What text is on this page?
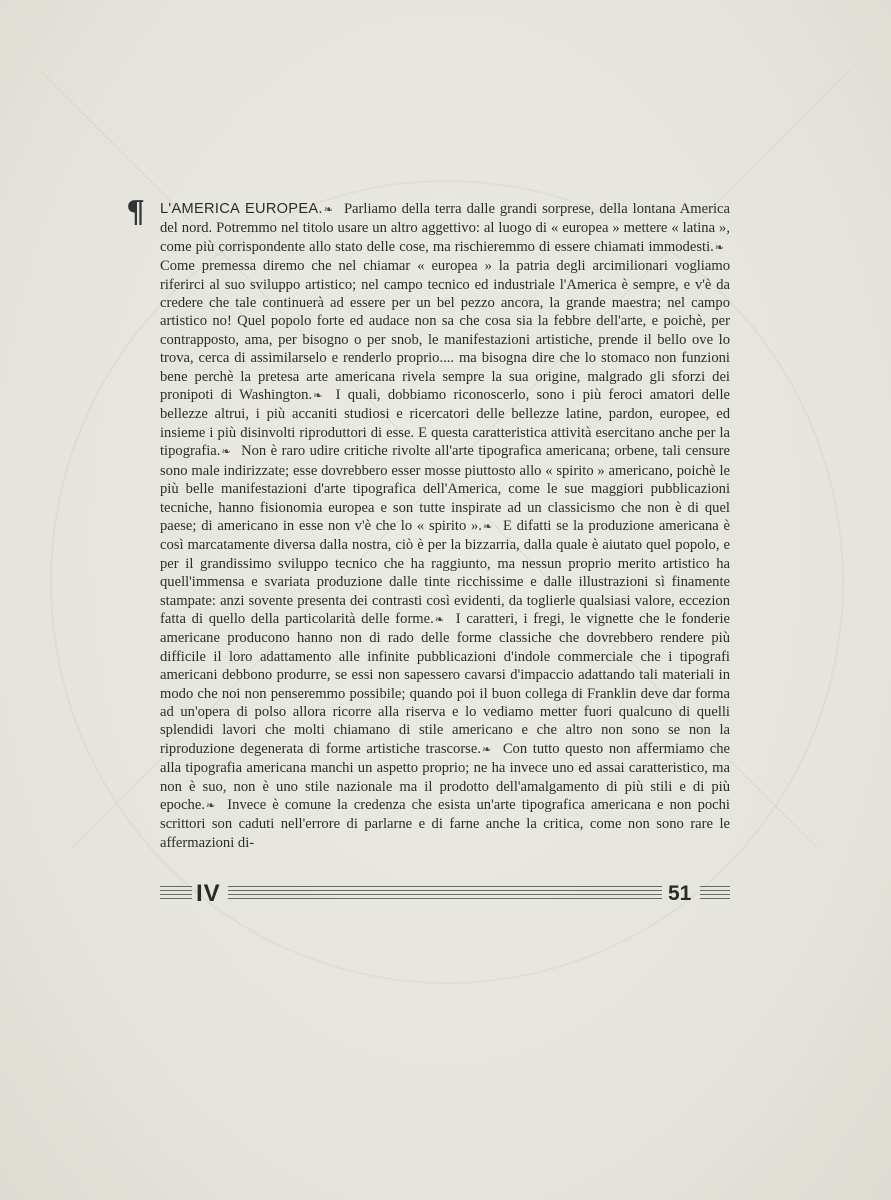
¶ L'AMERICA EUROPEA.❧ Parliamo della terra dalle grandi sorprese, della lontana America del nord. Potremmo nel titolo usare un altro aggettivo: al luogo di « europea » mettere « latina », come più corrispondente allo stato delle cose, ma rischieremmo di essere chiamati immodesti.❧ Come premessa diremo che nel chiamar « europea » la patria degli arcimilionari vogliamo riferirci al suo sviluppo artistico; nel campo tecnico ed industriale l'America è sempre, e v'è da credere che tale continuerà ad essere per un bel pezzo ancora, la grande maestra; nel campo artistico no! Quel popolo forte ed audace non sa che cosa sia la febbre dell'arte, e poichè, per contrapposto, ama, per bisogno o per snob, le manifestazioni artistiche, prende il bello ove lo trova, cerca di assimilarselo e renderlo proprio.... ma bisogna dire che lo stomaco non funzioni bene perchè la pretesa arte americana rivela sempre la sua origine, malgrado gli sforzi dei pronipoti di Washington.❧ I quali, dobbiamo riconoscerlo, sono i più feroci amatori delle bellezze altrui, i più accaniti studiosi e ricercatori delle bellezze latine, pardon, europee, ed insieme i più disinvolti riproduttori di esse. E questa caratteristica attività esercitano anche per la tipografia.❧ Non è raro udire critiche rivolte all'arte tipografica americana; orbene, tali censure sono male indirizzate; esse dovrebbero esser mosse piuttosto allo « spirito » americano, poichè le più belle manifestazioni d'arte tipografica dell'America, come le sue maggiori pubblicazioni tecniche, hanno fisionomia europea e son tutte inspirate ad un classicismo che non è di quel paese; di americano in esse non v'è che lo « spirito ».❧ E difatti se la produzione americana è così marcatamente diversa dalla nostra, ciò è per la bizzarria, dalla quale è aiutato quel popolo, e per il grandissimo sviluppo tecnico che ha raggiunto, ma nessun proprio merito artistico ha quell'immensa e svariata produzione dalle tinte ricchissime e dalle illustrazioni sì finamente stampate: anzi sovente presenta dei contrasti così evidenti, da toglierle qualsiasi valore, eccezion fatta di quello della particolarità delle forme.❧ I caratteri, i fregi, le vignette che le fonderie americane producono hanno non di rado delle forme classiche che dovrebbero rendere più difficile il loro adattamento alle infinite pubblicazioni d'indole commerciale che i tipografi americani debbono produrre, se essi non sapessero cavarsi d'impaccio adattando tali materiali in modo che noi non penseremmo possibile; quando poi il buon collega di Franklin deve dar forma ad un'opera di polso allora ricorre alla riserva e lo vediamo metter fuori qualcuno di quelli splendidi lavori che molti chiamano di stile americano e che altro non sono se non la riproduzione degenerata di forme artistiche trascorse.❧ Con tutto questo non affermiamo che alla tipografia americana manchi un aspetto proprio; ne ha invece uno ed assai caratteristico, ma non è suo, non è uno stile nazionale ma il prodotto dell'amalgamento di più stili e di più epoche.❧ Invece è comune la credenza che esista un'arte tipografica americana e non pochi scrittori son caduti nell'errore di parlarne e di farne anche la critica, come non sono rare le affermazioni di-
IV	51
